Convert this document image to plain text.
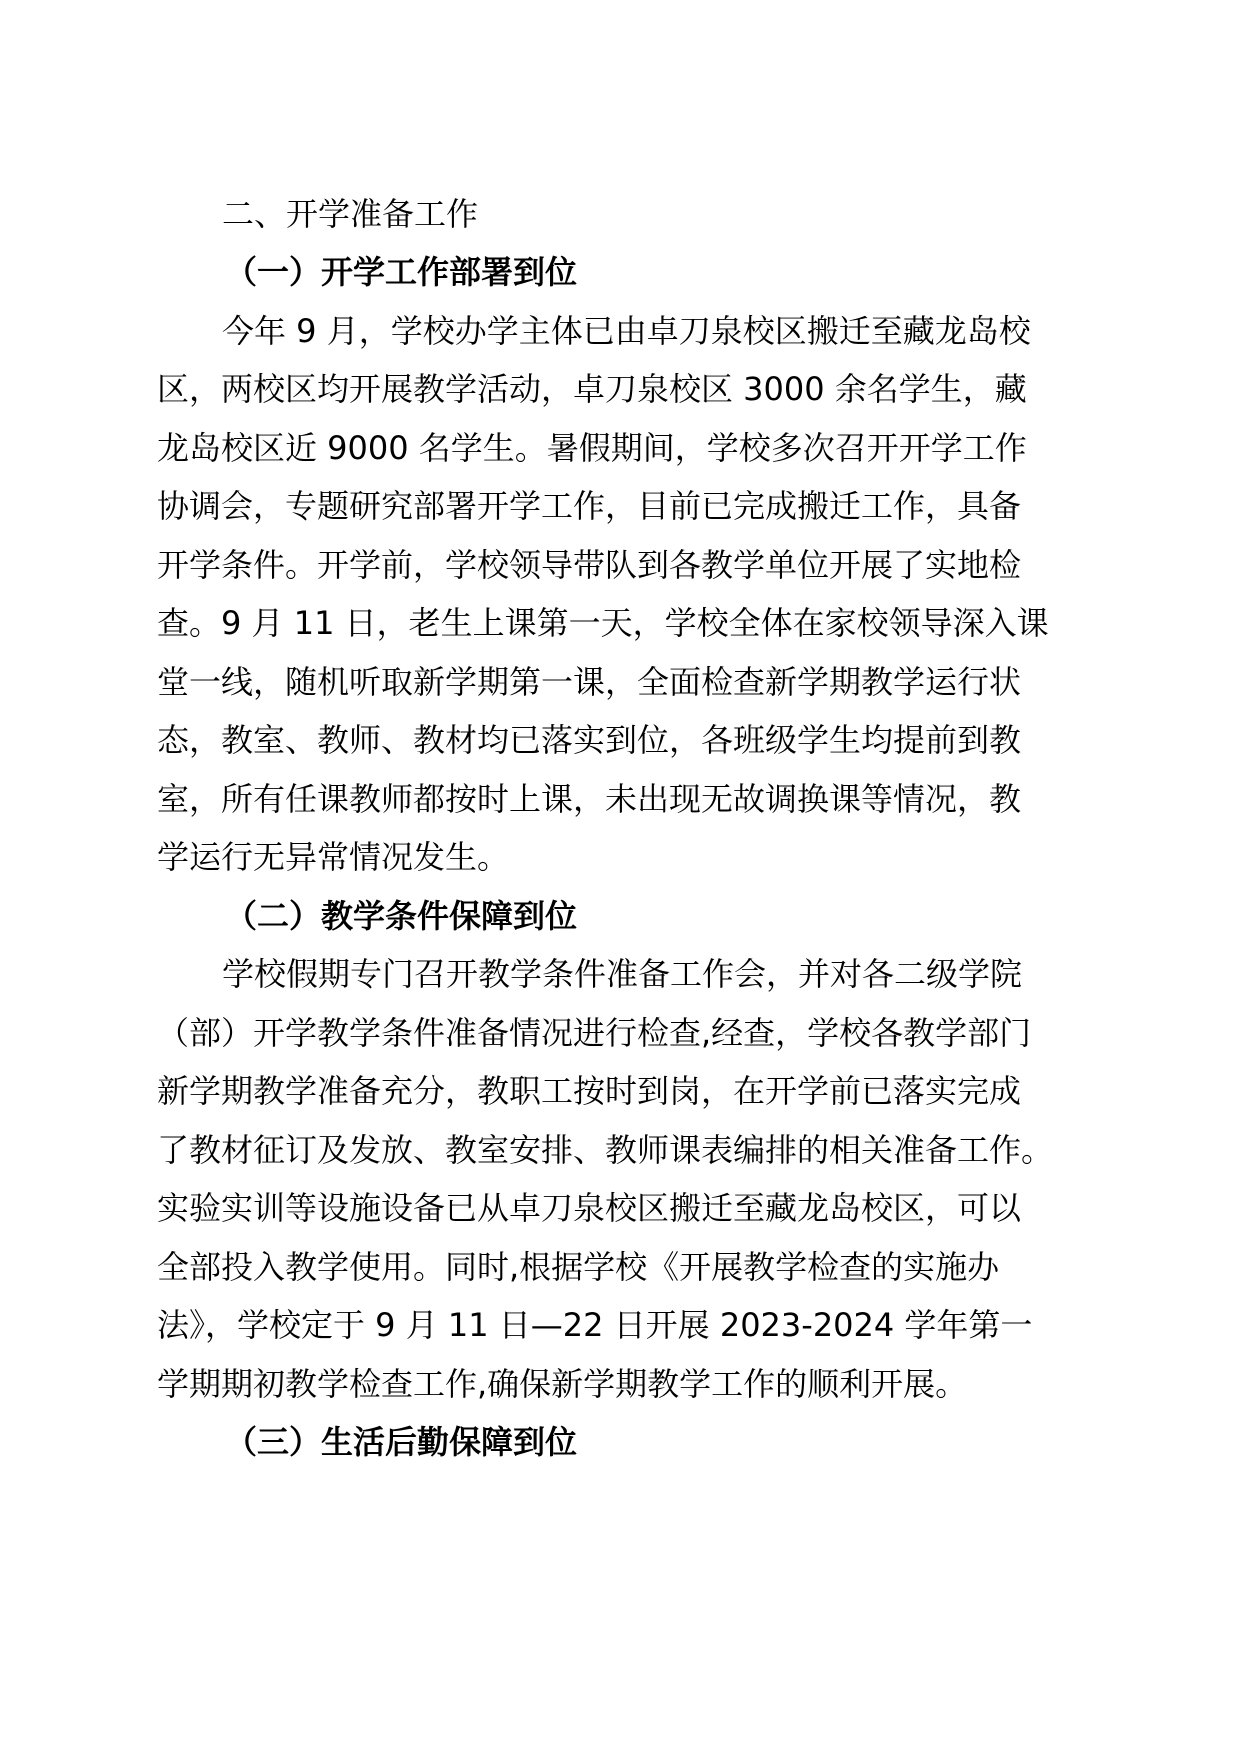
二、开学准备工作
（一）开学工作部署到位
今年 9 月，学校办学主体已由卓刀泉校区搬迁至藏龙岛校
区，两校区均开展教学活动，卓刀泉校区 3000 余名学生，藏
龙岛校区近 9000 名学生。暑假期间，学校多次召开开学工作
协调会，专题研究部署开学工作，目前已完成搬迁工作，具备
开学条件。开学前，学校领导带队到各教学单位开展了实地检
查。9 月 11 日，老生上课第一天，学校全体在家校领导深入课
堂一线，随机听取新学期第一课，全面检查新学期教学运行状
态，教室、教师、教材均已落实到位，各班级学生均提前到教
室，所有任课教师都按时上课，未出现无故调换课等情况，教
学运行无异常情况发生。
（二）教学条件保障到位
学校假期专门召开教学条件准备工作会，并对各二级学院
（部）开学教学条件准备情况进行检查,经查，学校各教学部门
新学期教学准备充分，教职工按时到岗，在开学前已落实完成
了教材征订及发放、教室安排、教师课表编排的相关准备工作。
实验实训等设施设备已从卓刀泉校区搬迁至藏龙岛校区，可以
全部投入教学使用。同时,根据学校《开展教学检查的实施办
法》，学校定于 9 月 11 日—22 日开展 2023-2024 学年第一
学期期初教学检查工作,确保新学期教学工作的顺利开展。
（三）生活后勤保障到位
